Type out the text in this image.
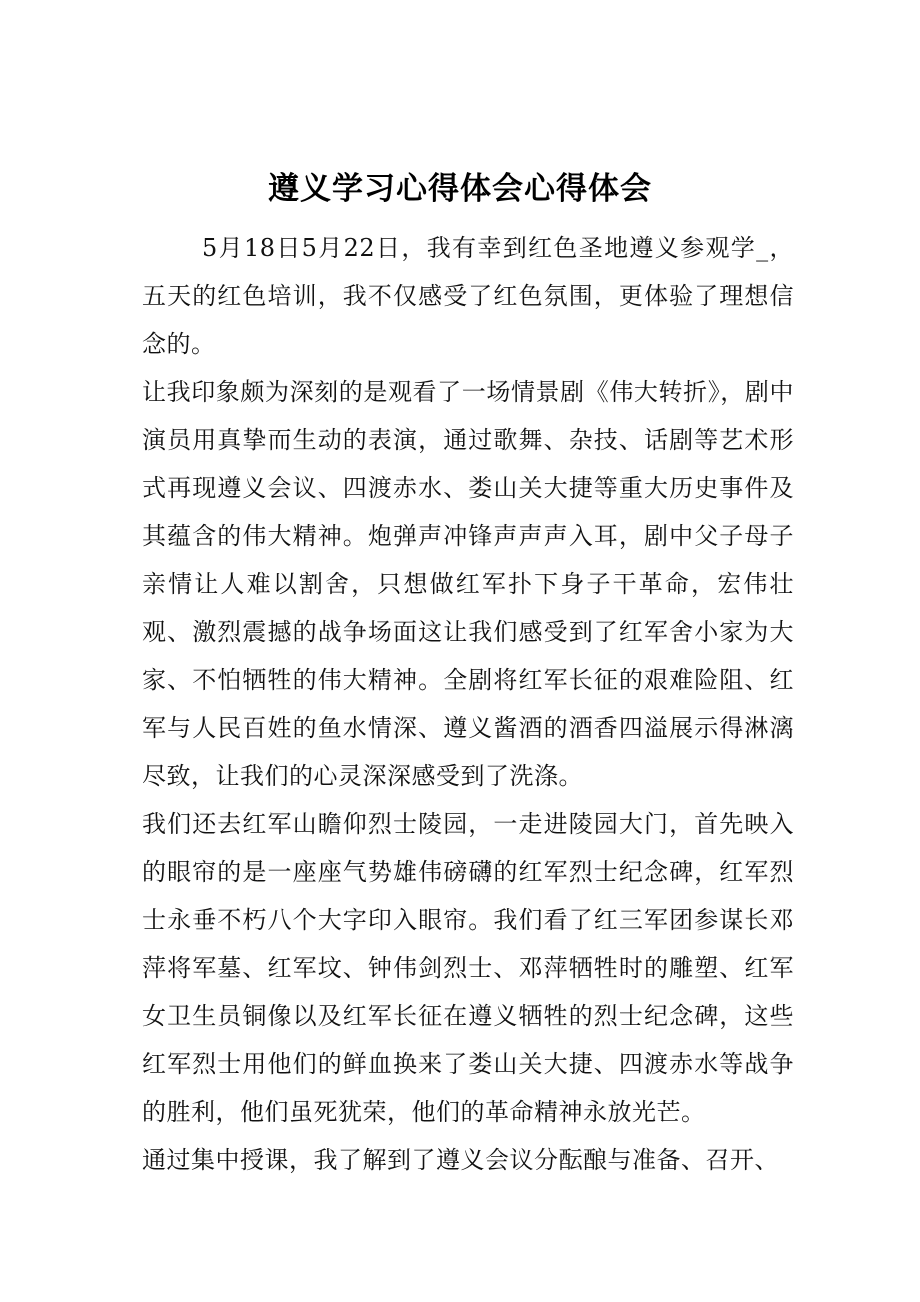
遵义学习心得体会心得体会

5月18日5月22日，我有幸到红色圣地遵义参观学_，五天的红色培训，我不仅感受了红色氛围，更体验了理想信念的。

让我印象颇为深刻的是观看了一场情景剧《伟大转折》，剧中演员用真挚而生动的表演，通过歌舞、杂技、话剧等艺术形式再现遵义会议、四渡赤水、娄山关大捷等重大历史事件及其蕴含的伟大精神。炮弹声冲锋声声声入耳，剧中父子母子亲情让人难以割舍，只想做红军扑下身子干革命，宏伟壮观、激烈震撼的战争场面这让我们感受到了红军舍小家为大家、不怕牺牲的伟大精神。全剧将红军长征的艰难险阻、红军与人民百姓的鱼水情深、遵义酱酒的酒香四溢展示得淋漓尽致，让我们的心灵深深感受到了洗涤。

我们还去红军山瞻仰烈士陵园，一走进陵园大门，首先映入的眼帘的是一座座气势雄伟磅礴的红军烈士纪念碑，红军烈士永垂不朽八个大字印入眼帘。我们看了红三军团参谋长邓萍将军墓、红军坟、钟伟剑烈士、邓萍牺牲时的雕塑、红军女卫生员铜像以及红军长征在遵义牺牲的烈士纪念碑，这些红军烈士用他们的鲜血换来了娄山关大捷、四渡赤水等战争的胜利，他们虽死犹荣，他们的革命精神永放光芒。

通过集中授课，我了解到了遵义会议分酝酿与准备、召开、
